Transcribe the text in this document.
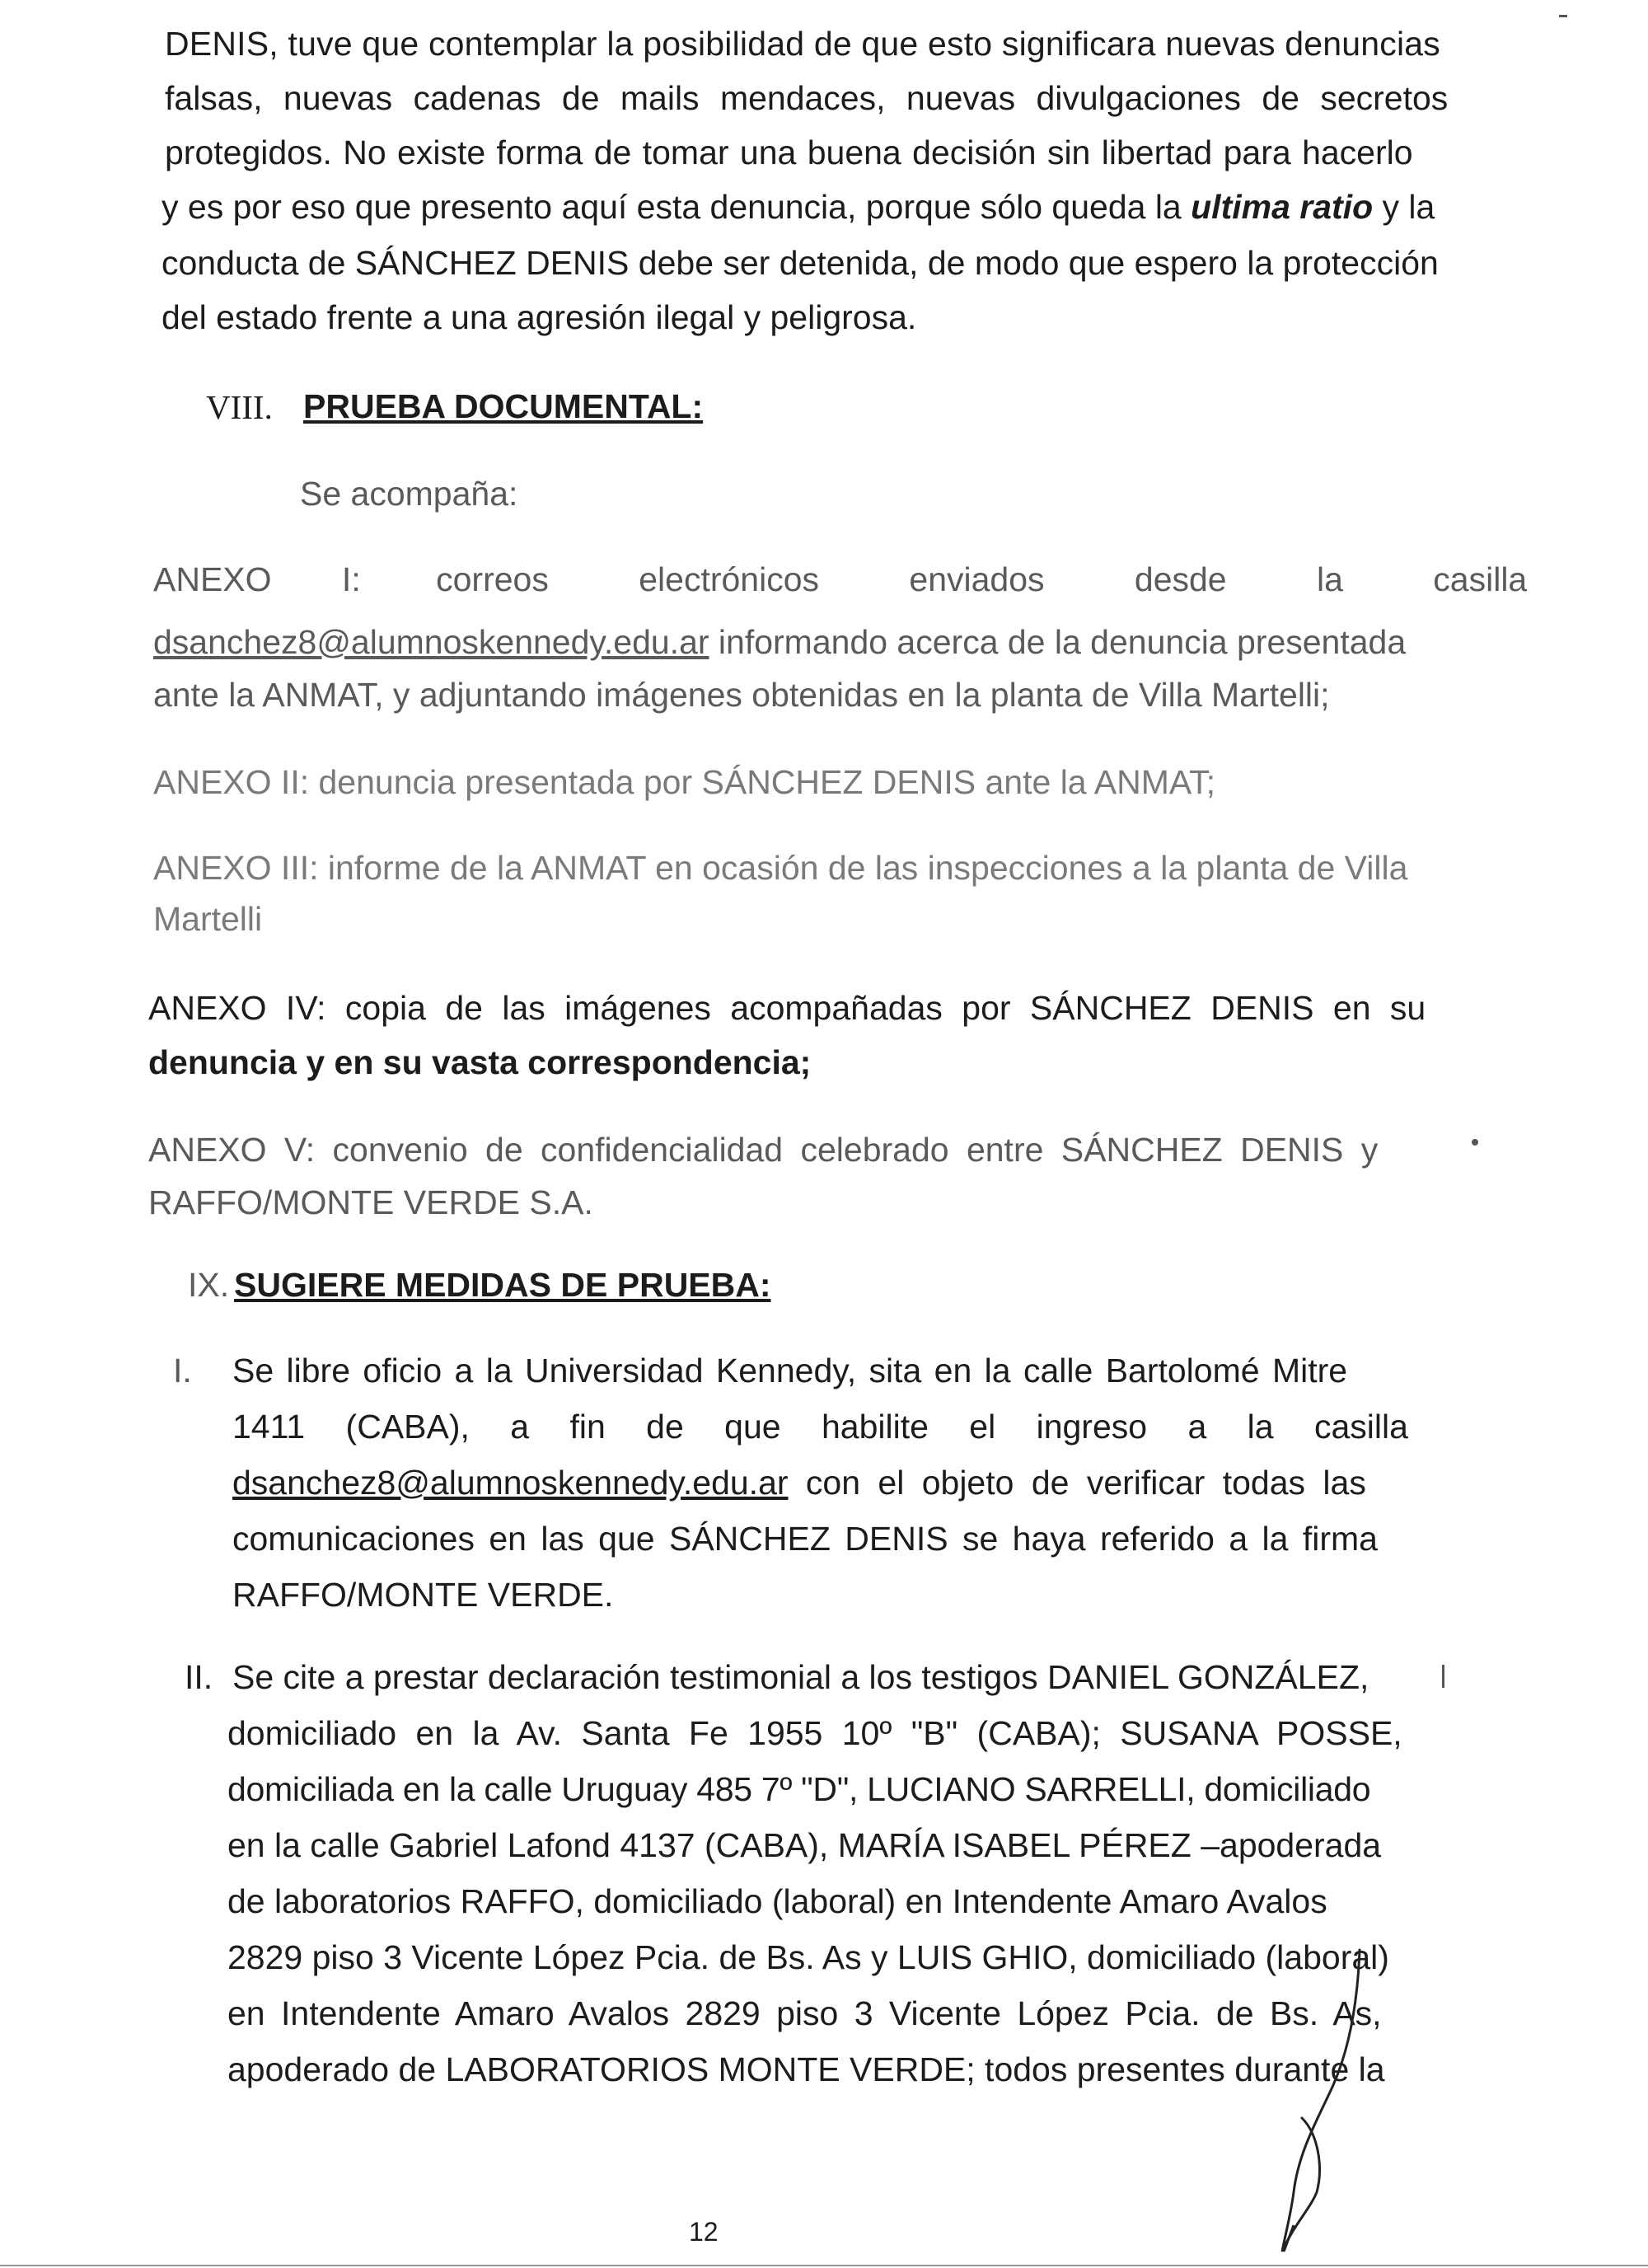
DENIS, tuve que contemplar la posibilidad de que esto significara nuevas denuncias

falsas, nuevas cadenas de mails mendaces, nuevas divulgaciones de secretos

protegidos. No existe forma de tomar una buena decisión sin libertad para hacerlo

y es por eso que presento aquí esta denuncia, porque sólo queda la ultima ratio y la

conducta de SÁNCHEZ DENIS debe ser detenida, de modo que espero la protección

del estado frente a una agresión ilegal y peligrosa.

VIII. PRUEBA DOCUMENTAL:

Se acompaña:

ANEXO I: correos electrónicos enviados desde la casilla

dsanchez8@alumnoskennedy.edu.ar informando acerca de la denuncia presentada

ante la ANMAT, y adjuntando imágenes obtenidas en la planta de Villa Martelli;

ANEXO II: denuncia presentada por SÁNCHEZ DENIS ante la ANMAT;

ANEXO III: informe de la ANMAT en ocasión de las inspecciones a la planta de Villa

Martelli

ANEXO IV: copia de las imágenes acompañadas por SÁNCHEZ DENIS en su

denuncia y en su vasta correspondencia;

ANEXO V: convenio de confidencialidad celebrado entre SÁNCHEZ DENIS y

RAFFO/MONTE VERDE S.A.

IX. SUGIERE MEDIDAS DE PRUEBA:

I. Se libre oficio a la Universidad Kennedy, sita en la calle Bartolomé Mitre

1411 (CABA), a fin de que habilite el ingreso a la casilla

dsanchez8@alumnoskennedy.edu.ar con el objeto de verificar todas las

comunicaciones en las que SÁNCHEZ DENIS se haya referido a la firma

RAFFO/MONTE VERDE.

II. Se cite a prestar declaración testimonial a los testigos DANIEL GONZÁLEZ,

domiciliado en la Av. Santa Fe 1955 10º "B" (CABA); SUSANA POSSE,

domiciliada en la calle Uruguay 485 7º "D", LUCIANO SARRELLI, domiciliado

en la calle Gabriel Lafond 4137 (CABA), MARÍA ISABEL PÉREZ –apoderada

de laboratorios RAFFO, domiciliado (laboral) en Intendente Amaro Avalos

2829 piso 3 Vicente López Pcia. de Bs. As y LUIS GHIO, domiciliado (laboral)

en Intendente Amaro Avalos 2829 piso 3 Vicente López Pcia. de Bs. As,

apoderado de LABORATORIOS MONTE VERDE; todos presentes durante la

12
